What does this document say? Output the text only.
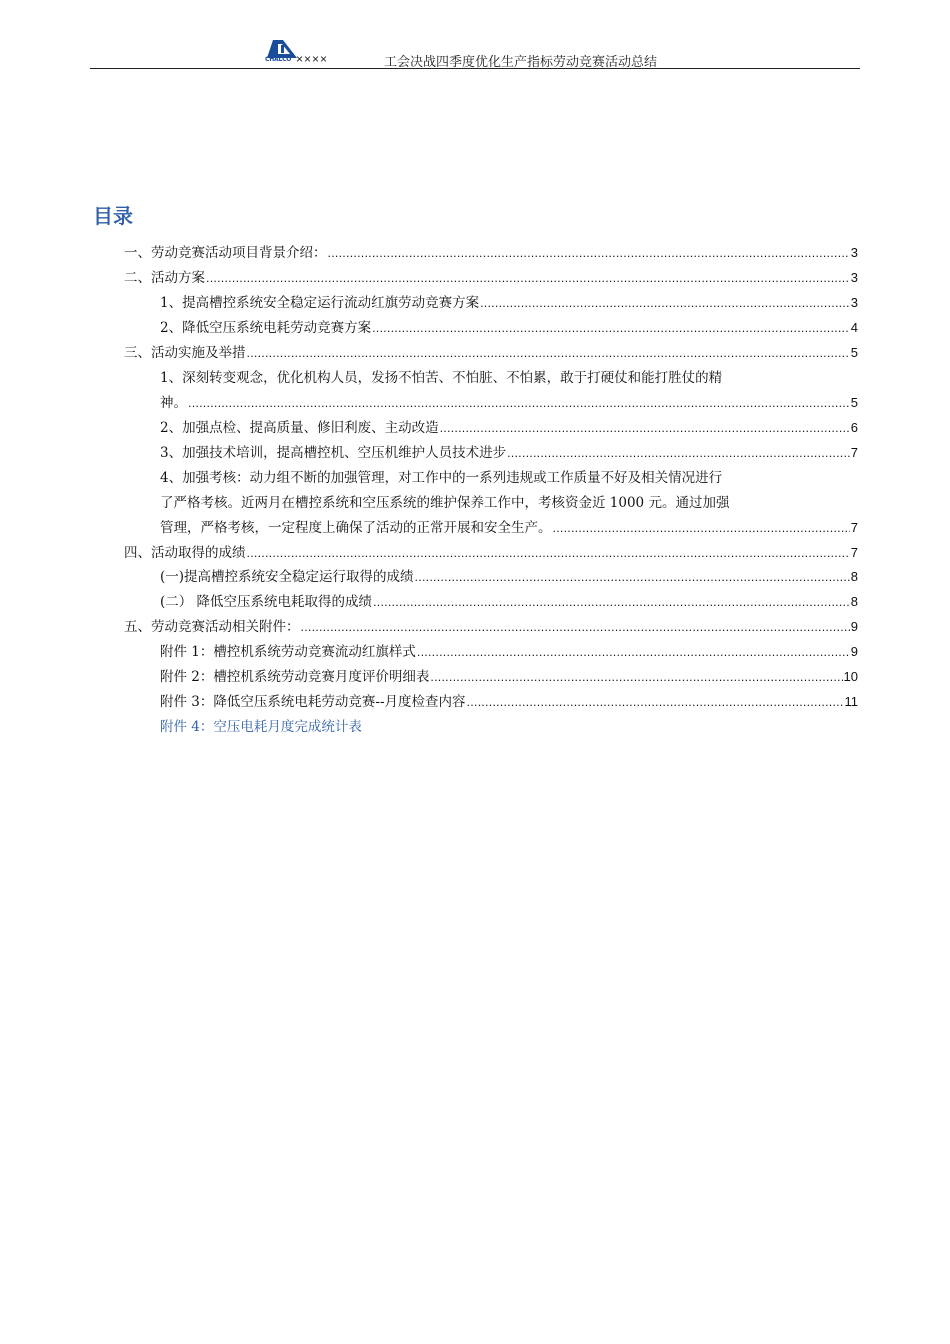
CHALCO ××××	工会决战四季度优化生产指标劳动竞赛活动总结
目录
一、劳动竞赛活动项目背景介绍： .....	3
二、活动方案 .....	3
1、提高槽控系统安全稳定运行流动红旗劳动竞赛方案 .....	3
2、降低空压系统电耗劳动竞赛方案 .....	4
三、活动实施及举措 .....	5
1、深刻转变观念，优化机构人员，发扬不怕苦、不怕脏、不怕累，敢于打硬仗和能打胜仗的精
神。 .....	5
2、加强点检、提高质量、修旧利废、主动改造 .....	6
3、加强技术培训，提高槽控机、空压机维护人员技术进步 .....	7
4、加强考核：动力组不断的加强管理，对工作中的一系列违规或工作质量不好及相关情况进行
了严格考核。近两月在槽控系统和空压系统的维护保养工作中，考核资金近 1000 元。通过加强
管理，严格考核，一定程度上确保了活动的正常开展和安全生产。 .....	7
四、活动取得的成绩 .....	7
(一)提高槽控系统安全稳定运行取得的成绩 .....	8
(二） 降低空压系统电耗取得的成绩 .....	8
五、劳动竞赛活动相关附件： .....	9
附件 1：槽控机系统劳动竞赛流动红旗样式 .....	9
附件 2：槽控机系统劳动竞赛月度评价明细表 .....	10
附件 3：降低空压系统电耗劳动竞赛--月度检查内容 .....	11
附件 4：空压电耗月度完成统计表
